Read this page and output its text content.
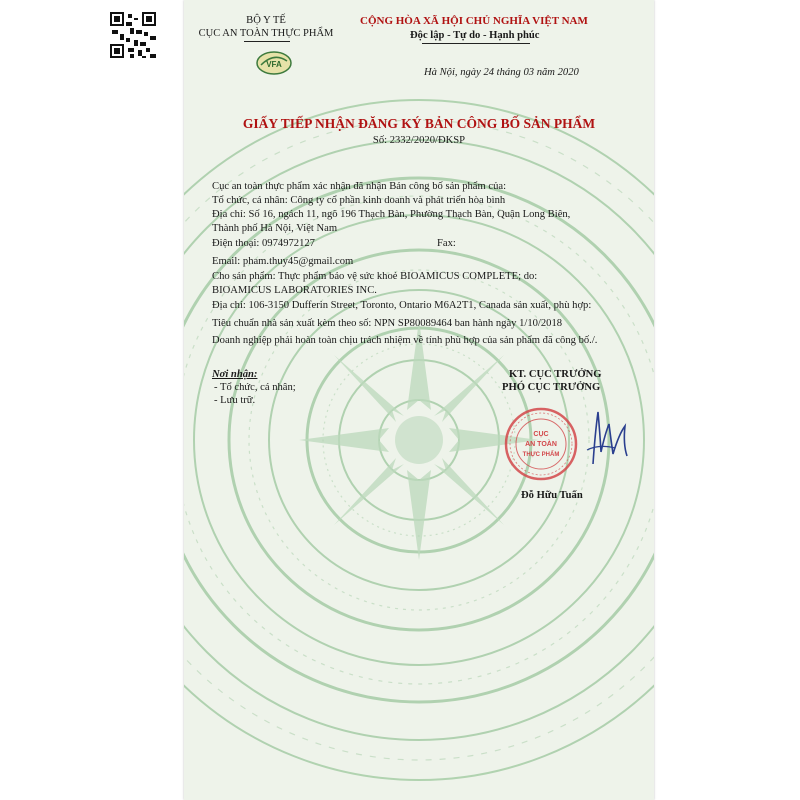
BỘ Y TẾ
CỤC AN TOÀN THỰC PHẨM
VFA
CỘNG HÒA XÃ HỘI CHỦ NGHĨA VIỆT NAM
Độc lập - Tự do - Hạnh phúc
Hà Nội, ngày 24 tháng 03 năm 2020
GIẤY TIẾP NHẬN ĐĂNG KÝ BẢN CÔNG BỐ SẢN PHẨM
Số: 2332/2020/ĐKSP
Cục an toàn thực phẩm xác nhận đã nhận Bản công bố sản phẩm của:
Tổ chức, cá nhân: Công ty cổ phần kinh doanh và phát triển hòa bình
Địa chỉ: Số 16, ngách 11, ngõ 196 Thạch Bàn, Phường Thạch Bàn, Quận Long Biên,
Thành phố Hà Nội, Việt Nam
Điện thoại: 0974972127	Fax:
Email: pham.thuy45@gmail.com
Cho sản phẩm: Thực phẩm bảo vệ sức khoẻ BIOAMICUS COMPLETE; do:
BIOAMICUS LABORATORIES INC.
Địa chỉ: 106-3150 Dufferin Street, Toronto, Ontario M6A2T1, Canada sản xuất, phù hợp:
Tiêu chuẩn nhà sản xuất kèm theo số: NPN SP80089464 ban hành ngày 1/10/2018
Doanh nghiệp phải hoàn toàn chịu trách nhiệm về tính phù hợp của sản phẩm đã công bố./.
Nơi nhận:
- Tổ chức, cá nhân;
- Lưu trữ.
KT. CỤC TRƯỞNG
PHÓ CỤC TRƯỞNG
CỤC
AN TOÀN
THỰC PHẨM
Đỗ Hữu Tuấn
